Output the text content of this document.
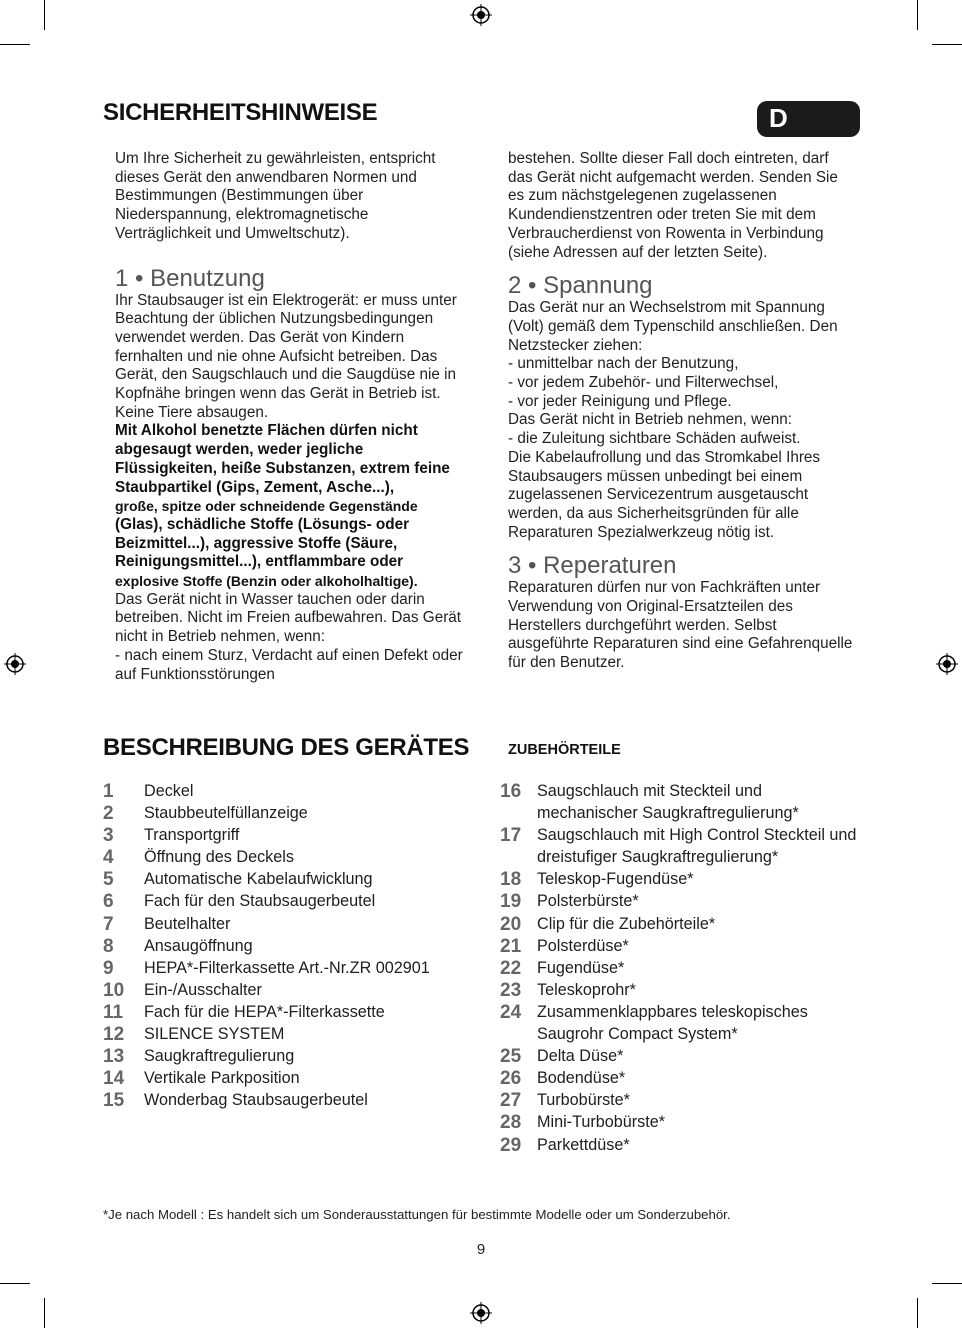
SICHERHEITSHINWEISE	D

Um Ihre Sicherheit zu gewährleisten, entspricht dieses Gerät den anwendbaren Normen und Bestimmungen (Bestimmungen über Niederspannung, elektromagnetische Verträglichkeit und Umweltschutz).

1 • Benutzung

Ihr Staubsauger ist ein Elektrogerät: er muss unter Beachtung der üblichen Nutzungsbedingungen verwendet werden. Das Gerät von Kindern fernhalten und nie ohne Aufsicht betreiben. Das Gerät, den Saugschlauch und die Saugdüse nie in Kopfnähe bringen wenn das Gerät in Betrieb ist. Keine Tiere absaugen.

Mit Alkohol benetzte Flächen dürfen nicht abgesaugt werden, weder jegliche Flüssigkeiten, heiße Substanzen, extrem feine Staubpartikel (Gips, Zement, Asche...),

große, spitze oder schneidende Gegenstände

(Glas), schädliche Stoffe (Lösungs- oder Beizmittel...), aggressive Stoffe (Säure, Reinigungsmittel...), entflammbare oder

explosive Stoffe (Benzin oder alkoholhaltige).

Das Gerät nicht in Wasser tauchen oder darin betreiben. Nicht im Freien aufbewahren. Das Gerät nicht in Betrieb nehmen, wenn:

- nach einem Sturz, Verdacht auf einen Defekt oder auf Funktionsstörungen

bestehen. Sollte dieser Fall doch eintreten, darf das Gerät nicht aufgemacht werden. Senden Sie es zum nächstgelegenen zugelassenen Kundendienstzentren oder treten Sie mit dem Verbraucherdienst von Rowenta in Verbindung (siehe Adressen auf der letzten Seite).

2 • Spannung

Das Gerät nur an Wechselstrom mit Spannung (Volt) gemäß dem Typenschild anschließen. Den Netzstecker ziehen:

- unmittelbar nach der Benutzung,

- vor jedem Zubehör- und Filterwechsel,

- vor jeder Reinigung und Pflege.

Das Gerät nicht in Betrieb nehmen, wenn:

- die Zuleitung sichtbare Schäden aufweist.

Die Kabelaufrollung und das Stromkabel Ihres Staubsaugers müssen unbedingt bei einem zugelassenen Servicezentrum ausgetauscht werden, da aus Sicherheitsgründen für alle Reparaturen Spezialwerkzeug nötig ist.

3 • Reperaturen

Reparaturen dürfen nur von Fachkräften unter Verwendung von Original-Ersatzteilen des Herstellers durchgeführt werden. Selbst ausgeführte Reparaturen sind eine Gefahrenquelle für den Benutzer.

BESCHREIBUNG DES GERÄTES	ZUBEHÖRTEILE
1 Deckel
2 Staubbeutelfüllanzeige
3 Transportgriff
4 Öffnung des Deckels
5 Automatische Kabelaufwicklung
6 Fach für den Staubsaugerbeutel
7 Beutelhalter
8 Ansaugöffnung
9 HEPA*-Filterkassette Art.-Nr.ZR 002901
10 Ein-/Ausschalter
11 Fach für die HEPA*-Filterkassette
12 SILENCE SYSTEM
13 Saugkraftregulierung
14 Vertikale Parkposition
15 Wonderbag Staubsaugerbeutel
16 Saugschlauch mit Steckteil und mechanischer Saugkraftregulierung*
17 Saugschlauch mit High Control Steckteil und dreistufiger Saugkraftregulierung*
18 Teleskop-Fugendüse*
19 Polsterbürste*
20 Clip für die Zubehörteile*
21 Polsterdüse*
22 Fugendüse*
23 Teleskoprohr*
24 Zusammenklappbares teleskopisches Saugrohr Compact System*
25 Delta Düse*
26 Bodendüse*
27 Turbobürste*
28 Mini-Turbobürste*
29 Parkettdüse*

*Je nach Modell : Es handelt sich um Sonderausstattungen für bestimmte Modelle oder um Sonderzubehör.

9
